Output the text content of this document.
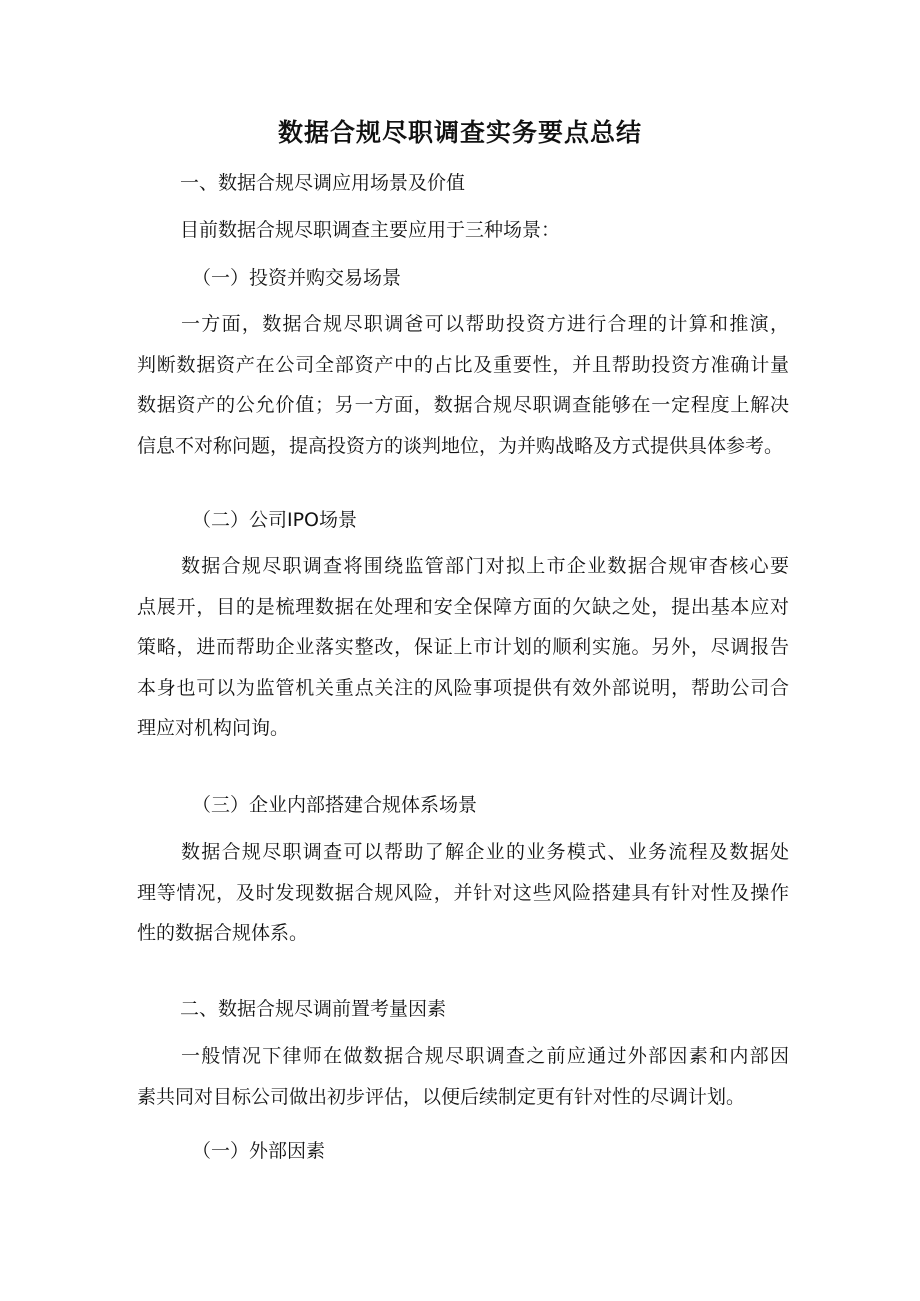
数据合规尽职调查实务要点总结
一、数据合规尽调应用场景及价值
目前数据合规尽职调查主要应用于三种场景：
（一）投资并购交易场景
一方面，数据合规尽职调爸可以帮助投资方进行合理的计算和推演，
判断数据资产在公司全部资产中的占比及重要性，并且帮助投资方准确计量
数据资产的公允价值；另一方面，数据合规尽职调查能够在一定程度上解决
信息不对称问题，提高投资方的谈判地位，为并购战略及方式提供具体参考。
（二）公司IPO场景
数据合规尽职调查将围绕监管部门对拟上市企业数据合规审杳核心要
点展开，目的是梳理数据在处理和安全保障方面的欠缺之处，提出基本应对
策略，进而帮助企业落实整改，保证上市计划的顺利实施。另外，尽调报告
本身也可以为监管机关重点关注的风险事项提供有效外部说明，帮助公司合
理应对机构问询。
（三）企业内部搭建合规体系场景
数据合规尽职调查可以帮助了解企业的业务模式、业务流程及数据处
理等情况，及时发现数据合规风险，并针对这些风险搭建具有针对性及操作
性的数据合规体系。
二、数据合规尽调前置考量因素
一般情况下律师在做数据合规尽职调查之前应通过外部因素和内部因
素共同对目标公司做出初步评估，以便后续制定更有针对性的尽调计划。
（一）外部因素
